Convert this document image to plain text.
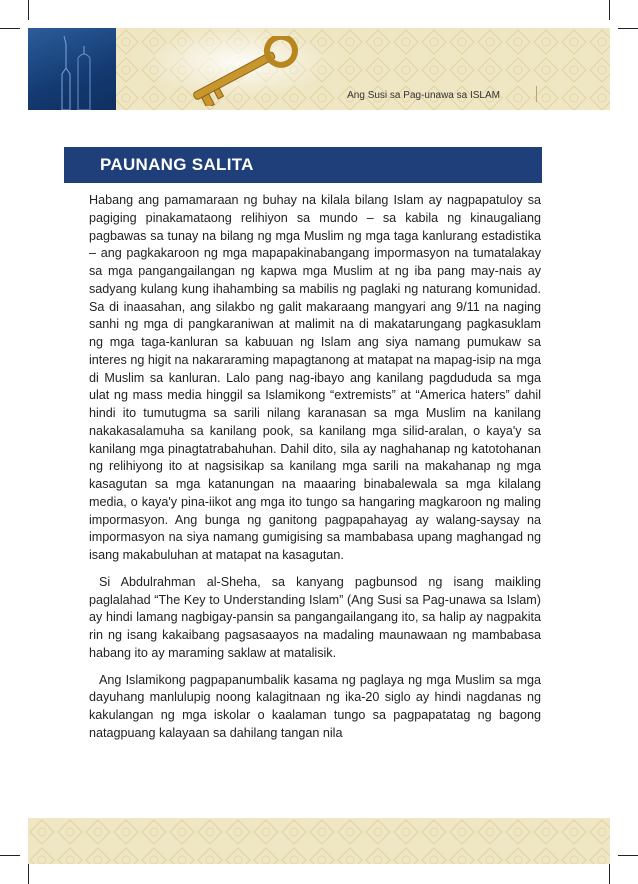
Ang Susi sa Pag-unawa sa ISLAM
PAUNANG SALITA

Habang ang pamamaraan ng buhay na kilala bilang Islam ay nagpapatuloy sa pagiging pinakamataong relihiyon sa mundo – sa kabila ng kinaugaliang pagbawas sa tunay na bilang ng mga Muslim ng mga taga kanlurang estadistika – ang pagkakaroon ng mga mapapakinabangang impormasyon na tumatalakay sa mga pangangailangan ng kapwa mga Muslim at ng iba pang may-nais ay sadyang kulang kung ihahambing sa mabilis ng paglaki ng naturang komunidad. Sa di inaasahan, ang silakbo ng galit makaraang mangyari ang 9/11 na naging sanhi ng mga di pangkaraniwan at malimit na di makatarungang pagkasuklam ng mga taga-kanluran sa kabuuan ng Islam ang siya namang pumukaw sa interes ng higit na nakararaming mapagtanong at matapat na mapag-isip na mga di Muslim sa kanluran. Lalo pang nag-ibayo ang kanilang pagdududa sa mga ulat ng mass media hinggil sa Islamikong “extremists” at “America haters” dahil hindi ito tumutugma sa sarili nilang karanasan sa mga Muslim na kanilang nakakasalamuha sa kanilang pook, sa kanilang mga silid-aralan, o kaya'y sa kanilang mga pinagtatrabahuhan. Dahil dito, sila ay naghahanap ng katotohanan ng relihiyong ito at nagsisikap sa kanilang mga sarili na makahanap ng mga kasagutan sa mga katanungan na maaaring binabalewala sa mga kilalang media, o kaya'y pina-iikot ang mga ito tungo sa hangaring magkaroon ng maling impormasyon. Ang bunga ng ganitong pagpapahayag ay walang-saysay na impormasyon na siya namang gumigising sa mambabasa upang maghangad ng isang makabuluhan at matapat na kasagutan.

Si Abdulrahman al-Sheha, sa kanyang pagbunsod ng isang maikling paglalahad “The Key to Understanding Islam” (Ang Susi sa Pag-unawa sa Islam) ay hindi lamang nagbigay-pansin sa pangangailangang ito, sa halip ay nagpakita rin ng isang kakaibang pagsasaayos na madaling maunawaan ng mambabasa habang ito ay maraming saklaw at matalisik.

Ang Islamikong pagpapanumbalik kasama ng paglaya ng mga Muslim sa mga dayuhang manlulupig noong kalagitnaan ng ika-20 siglo ay hindi nagdanas ng kakulangan ng mga iskolar o kaalaman tungo sa pagpapatatag ng bagong natagpuang kalayaan sa dahilang tangan nila
